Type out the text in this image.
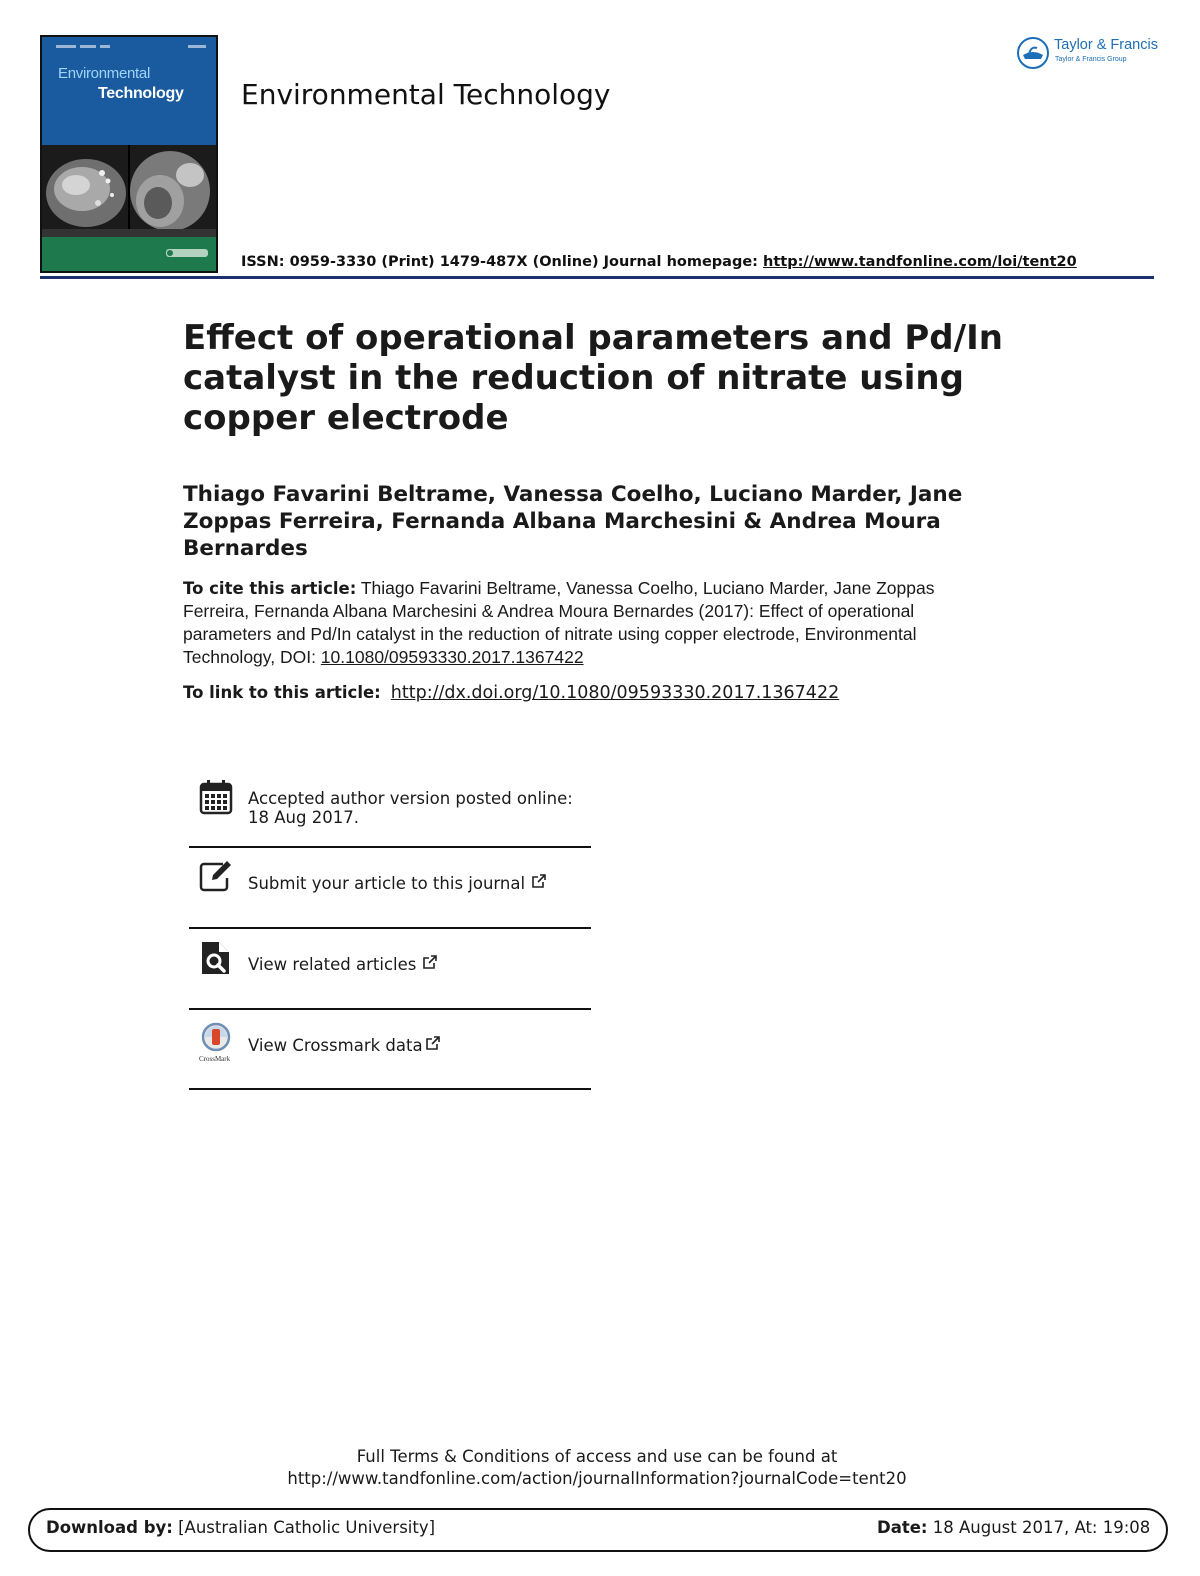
Environmental
Technology Environmental Technology
ISSN: 0959-3330 (Print) 1479-487X (Online) Journal homepage: http://www.tandfonline.com/loi/tent20
Taylor & Francis
Taylor & Francis Group
Effect of operational parameters and Pd/In catalyst in the reduction of nitrate using copper electrode
Thiago Favarini Beltrame, Vanessa Coelho, Luciano Marder, Jane Zoppas Ferreira, Fernanda Albana Marchesini & Andrea Moura Bernardes
To cite this article: Thiago Favarini Beltrame, Vanessa Coelho, Luciano Marder, Jane Zoppas Ferreira, Fernanda Albana Marchesini & Andrea Moura Bernardes (2017): Effect of operational parameters and Pd/In catalyst in the reduction of nitrate using copper electrode, Environmental Technology, DOI: 10.1080/09593330.2017.1367422
To link to this article: http://dx.doi.org/10.1080/09593330.2017.1367422
Accepted author version posted online: 18 Aug 2017.
Submit your article to this journal
View related articles
CrossMark
View Crossmark data
Full Terms & Conditions of access and use can be found at
http://www.tandfonline.com/action/journalInformation?journalCode=tent20
Download by: [Australian Catholic University]	Date: 18 August 2017, At: 19:08
